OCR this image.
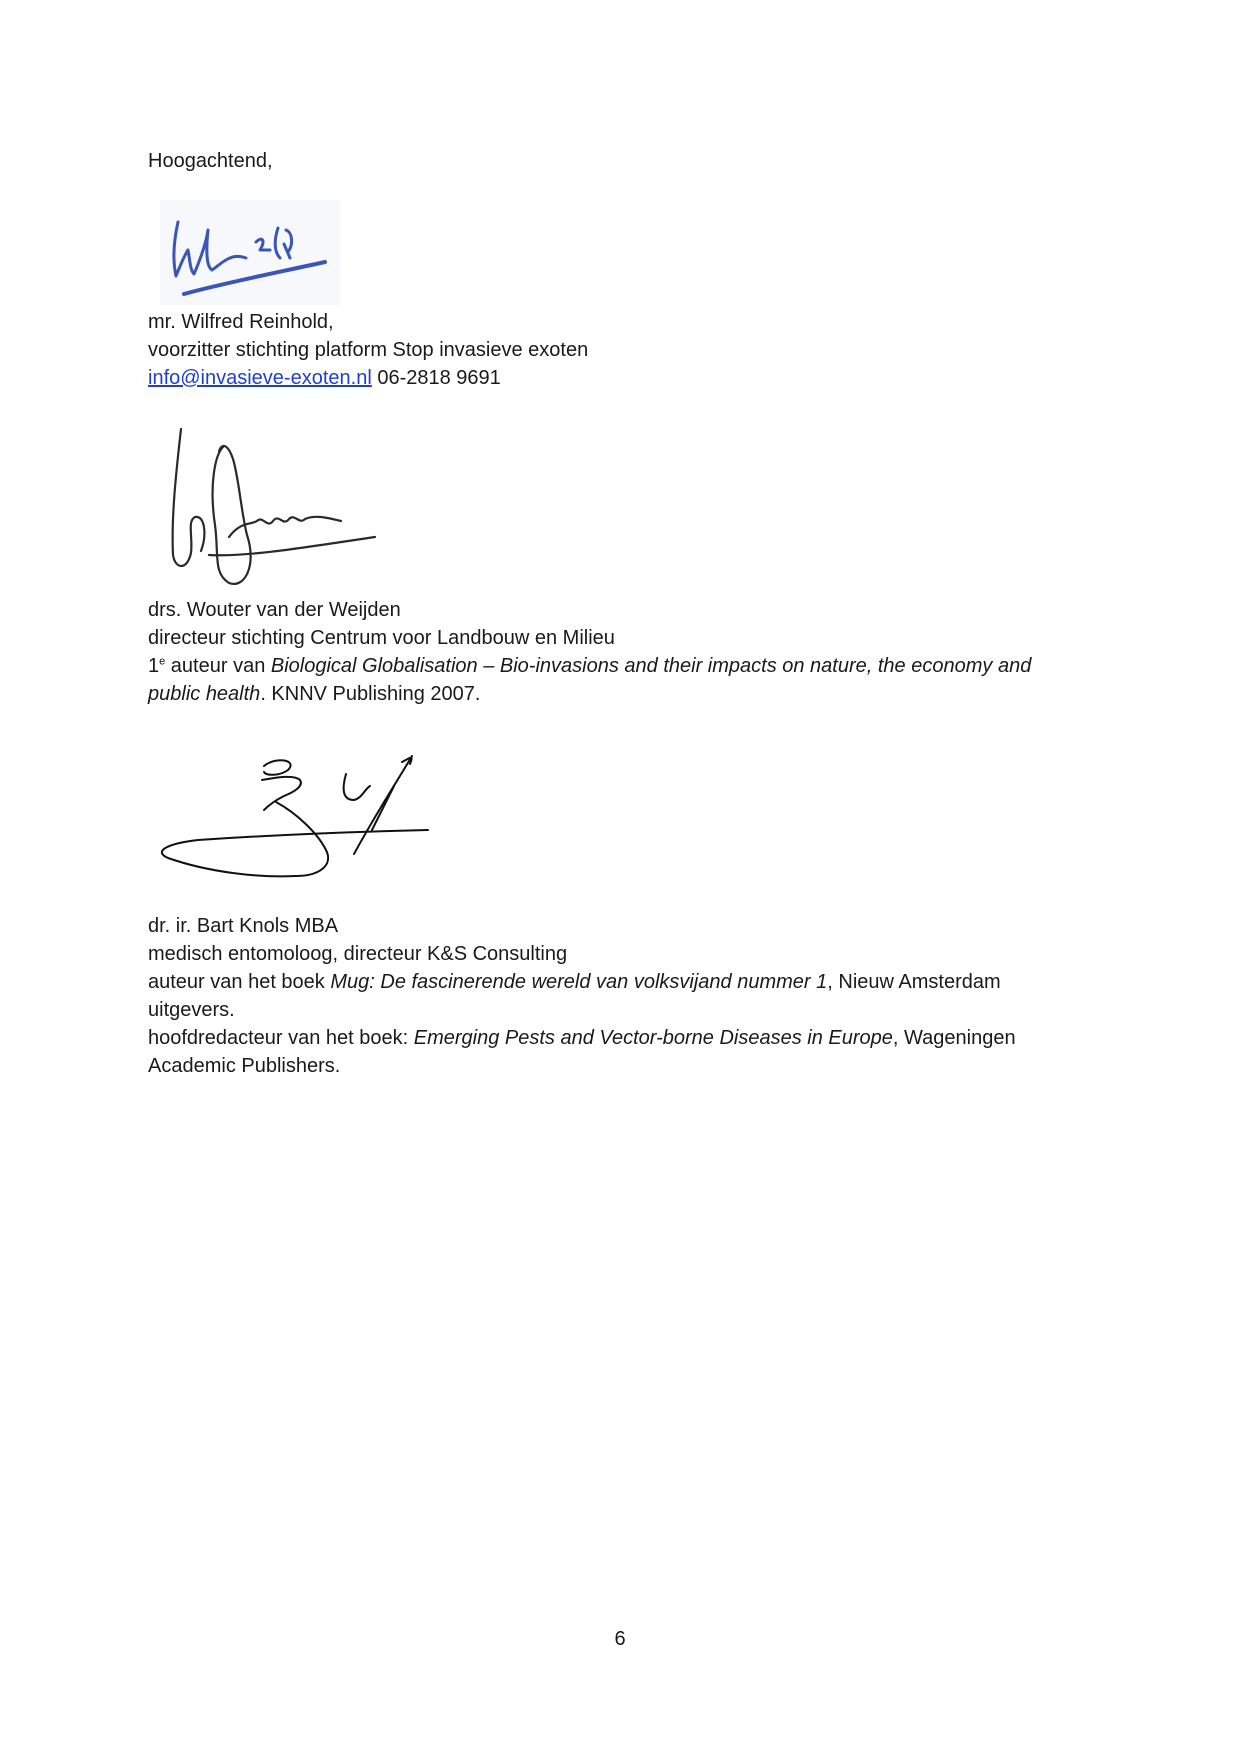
Hoogachtend,
mr. Wilfred Reinhold,
voorzitter stichting platform Stop invasieve exoten
info@invasieve-exoten.nl 06-2818 9691
drs. Wouter van der Weijden
directeur stichting Centrum voor Landbouw en Milieu
1e auteur van Biological Globalisation – Bio-invasions and their impacts on nature, the economy and
public health. KNNV Publishing 2007.
dr. ir. Bart Knols MBA
medisch entomoloog, directeur K&S Consulting
auteur van het boek Mug: De fascinerende wereld van volksvijand nummer 1, Nieuw Amsterdam
uitgevers.
hoofdredacteur van het boek: Emerging Pests and Vector-borne Diseases in Europe, Wageningen
Academic Publishers.
6
